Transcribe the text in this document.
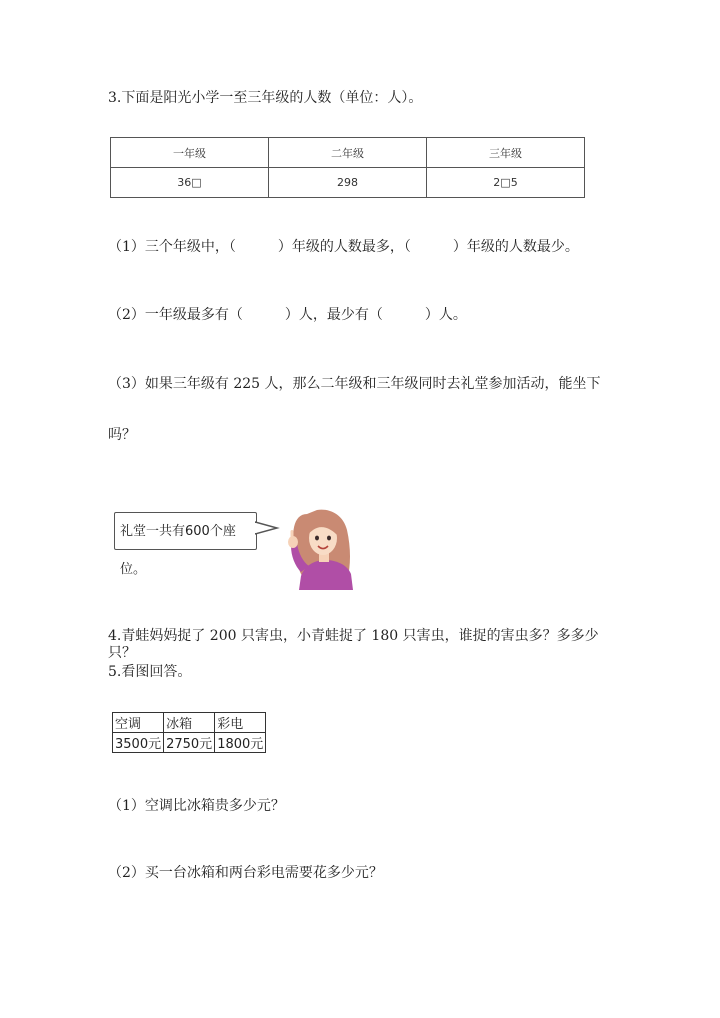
3.下面是阳光小学一至三年级的人数（单位：人）。
一年级	二年级	三年级
36□	298	2□5
（1）三个年级中，（　　　）年级的人数最多，（　　　）年级的人数最少。
（2）一年级最多有（　　　）人，最少有（　　　）人。
（3）如果三年级有 225 人，那么二年级和三年级同时去礼堂参加活动，能坐下
吗？
礼堂一共有600个座位。
4.青蛙妈妈捉了 200 只害虫，小青蛙捉了 180 只害虫，谁捉的害虫多？多多少
只？
5.看图回答。
空调	冰箱	彩电
3500元	2750元	1800元
（1）空调比冰箱贵多少元？
（2）买一台冰箱和两台彩电需要花多少元？
